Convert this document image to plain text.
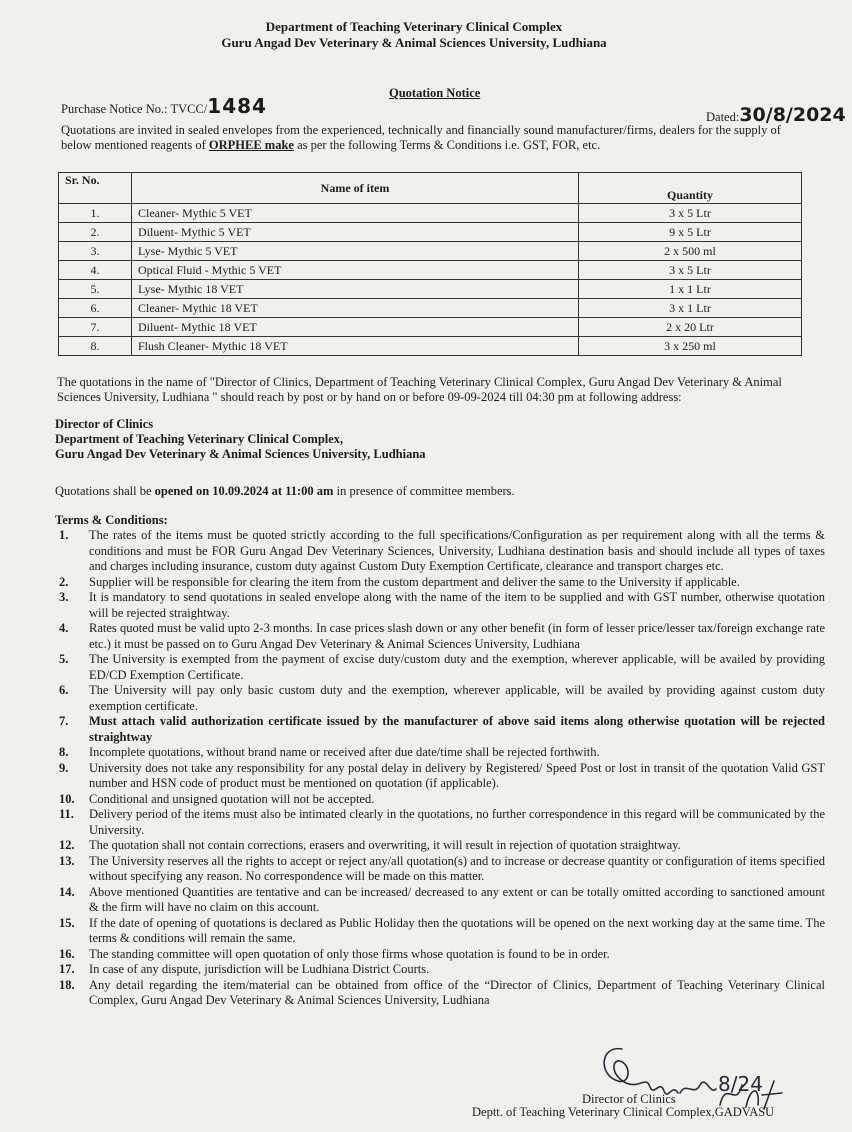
Department of Teaching Veterinary Clinical Complex
Guru Angad Dev Veterinary & Animal Sciences University, Ludhiana
Purchase Notice No.: TVCC/1484
Quotation Notice
Dated:30/8/2024
Quotations are invited in sealed envelopes from the experienced, technically and financially sound manufacturer/firms, dealers for the supply of below mentioned reagents of ORPHEE make as per the following Terms & Conditions i.e. GST, FOR, etc.
Sr. No.	Name of item	Quantity
1.	Cleaner- Mythic 5 VET	3 x 5 Ltr
2.	Diluent- Mythic 5 VET	9 x 5 Ltr
3.	Lyse- Mythic 5 VET	2 x 500 ml
4.	Optical Fluid - Mythic 5 VET	3 x 5 Ltr
5.	Lyse- Mythic 18 VET	1 x 1 Ltr
6.	Cleaner- Mythic 18 VET	3 x 1 Ltr
7.	Diluent- Mythic 18 VET	2 x 20 Ltr
8.	Flush Cleaner- Mythic 18 VET	3 x 250 ml
The quotations in the name of "Director of Clinics, Department of Teaching Veterinary Clinical Complex, Guru Angad Dev Veterinary & Animal Sciences University, Ludhiana " should reach by post or by hand on or before 09-09-2024 till 04:30 pm at following address:
Director of Clinics
Department of Teaching Veterinary Clinical Complex,
Guru Angad Dev Veterinary & Animal Sciences University, Ludhiana
Quotations shall be opened on 10.09.2024 at 11:00 am in presence of committee members.
Terms & Conditions:
1. The rates of the items must be quoted strictly according to the full specifications/Configuration as per requirement along with all the terms & conditions and must be FOR Guru Angad Dev Veterinary Sciences, University, Ludhiana destination basis and should include all types of taxes and charges including insurance, custom duty against Custom Duty Exemption Certificate, clearance and transport charges etc.
2. Supplier will be responsible for clearing the item from the custom department and deliver the same to the University if applicable.
3. It is mandatory to send quotations in sealed envelope along with the name of the item to be supplied and with GST number, otherwise quotation will be rejected straightway.
4. Rates quoted must be valid upto 2-3 months. In case prices slash down or any other benefit (in form of lesser price/lesser tax/foreign exchange rate etc.) it must be passed on to Guru Angad Dev Veterinary & Animal Sciences University, Ludhiana
5. The University is exempted from the payment of excise duty/custom duty and the exemption, wherever applicable, will be availed by providing ED/CD Exemption Certificate.
6. The University will pay only basic custom duty and the exemption, wherever applicable, will be availed by providing against custom duty exemption certificate.
7. Must attach valid authorization certificate issued by the manufacturer of above said items along otherwise quotation will be rejected straightway
8. Incomplete quotations, without brand name or received after due date/time shall be rejected forthwith.
9. University does not take any responsibility for any postal delay in delivery by Registered/ Speed Post or lost in transit of the quotation Valid GST number and HSN code of product must be mentioned on quotation (if applicable).
10. Conditional and unsigned quotation will not be accepted.
11. Delivery period of the items must also be intimated clearly in the quotations, no further correspondence in this regard will be communicated by the University.
12. The quotation shall not contain corrections, erasers and overwriting, it will result in rejection of quotation straightway.
13. The University reserves all the rights to accept or reject any/all quotation(s) and to increase or decrease quantity or configuration of items specified without specifying any reason. No correspondence will be made on this matter.
14. Above mentioned Quantities are tentative and can be increased/ decreased to any extent or can be totally omitted according to sanctioned amount & the firm will have no claim on this account.
15. If the date of opening of quotations is declared as Public Holiday then the quotations will be opened on the next working day at the same time. The terms & conditions will remain the same.
16. The standing committee will open quotation of only those firms whose quotation is found to be in order.
17. In case of any dispute, jurisdiction will be Ludhiana District Courts.
18. Any detail regarding the item/material can be obtained from office of the “Director of Clinics, Department of Teaching Veterinary Clinical Complex, Guru Angad Dev Veterinary & Animal Sciences University, Ludhiana
8/24
Director of Clinics
Deptt. of Teaching Veterinary Clinical Complex,GADVASU
